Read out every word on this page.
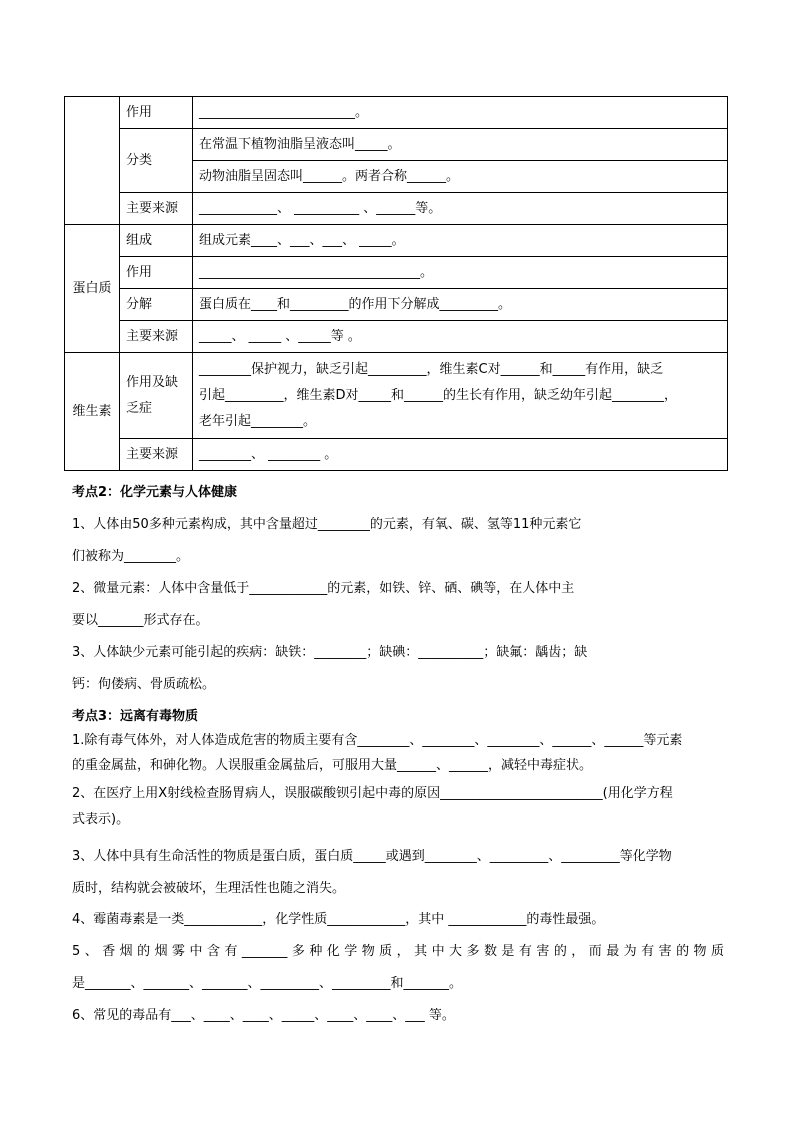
	作用	________________________。
	分类	在常温下植物油脂呈液态叫_____。
		动物油脂呈固态叫______。两者合称______。
	主要来源	____________、 __________ 、______等。
蛋白质	组成	组成元素____、___、___、 _____。
	作用	__________________________________。
	分解	蛋白质在____和_________的作用下分解成_________。
	主要来源	_____、 _____ 、_____等 。
维生素	作用及缺乏症	________保护视力，缺乏引起_________，维生素C对______和_____有作用，缺乏
引起_________，维生素D对_____和______的生长有作用，缺乏幼年引起________，
老年引起________。

	主要来源	________、 ________ 。
考点2：化学元素与人体健康
1、人体由50多种元素构成，其中含量超过________的元素，有氧、碳、氢等11种元素它
们被称为________。
2、微量元素：人体中含量低于____________的元素，如铁、锌、硒、碘等，在人体中主
要以_______形式存在。
3、人体缺少元素可能引起的疾病：缺铁：________；缺碘：__________；缺氟：龋齿；缺
钙：佝偻病、骨质疏松。
考点3：远离有毒物质
1.除有毒气体外，对人体造成危害的物质主要有含________、________、________、______、______等元素
的重金属盐，和砷化物。人误服重金属盐后，可服用大量______、______，减轻中毒症状。
2、在医疗上用X射线检查肠胃病人，误服碳酸钡引起中毒的原因_________________________(用化学方程
式表示)。
3、人体中具有生命活性的物质是蛋白质，蛋白质_____或遇到________、_________、_________等化学物
质时，结构就会被破坏，生理活性也随之消失。
4、霉菌毒素是一类____________，化学性质____________，其中 ____________的毒性最强。
5、香烟的烟雾中含有_______多种化学物质，其中大多数是有害的，而最为有害的物质
是_______、_______、_______、_________、_________和_______。
6、常见的毒品有___、____、____、_____、____、____、___ 等。
